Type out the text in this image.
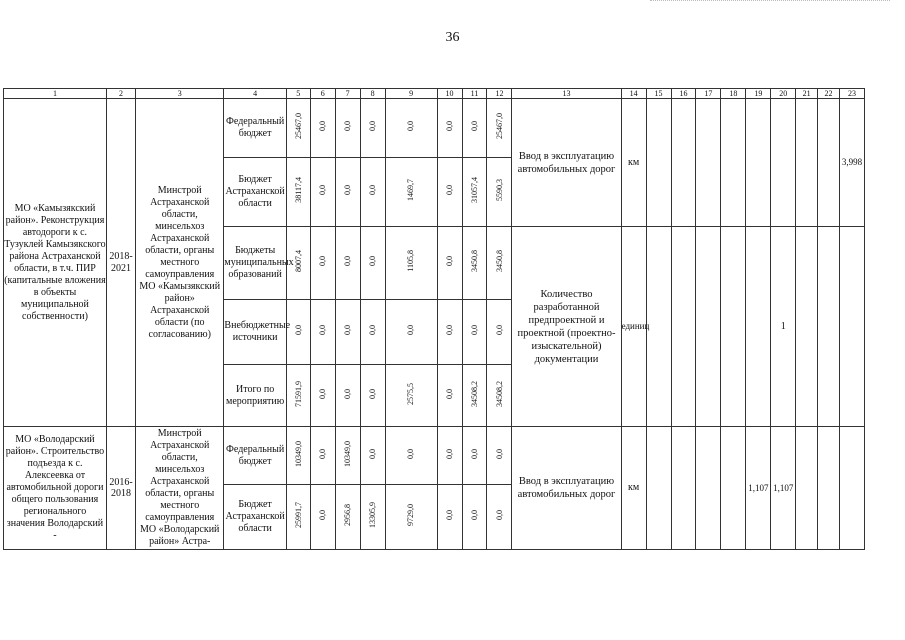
36
1	2	3	4	5	6	7	8	9	10	11	12	13	14	15	16	17	18	19	20	21	22	23
МО «Камызякский район». Реконструкция автодороги к с. Тузуклей Камызякского района Астраханской области, в т.ч. ПИР (капитальные вложения в объекты муниципальной собственности)	2018-2021	Минстрой Астраханской области, минсельхоз Астраханской области, органы местного самоуправления МО «Камызякский район» Астраханской области (по согласованию)	Федеральный бюджет	25467,0	0,0	0,0	0,0	0,0	0,0	0,0	25467,0	Ввод в эксплуатацию автомобильных дорог	км									3,998
			Бюджет Астраханской области	38117,4	0,0	0,0	0,0	1469,7	0,0	31057,4	5590,3											
			Бюджеты муниципальных образований	8007,4	0,0	0,0	0,0	1105,8	0,0	3450,8	3450,8	Количество разработанной предпроектной и проектной (проектно-изыскательной) документации	единиц						1			
			Внебюджетные источники	0,0	0,0	0,0	0,0	0,0	0,0	0,0	0,0											
			Итого по мероприятию	71591,9	0,0	0,0	0,0	2575,5	0,0	34508,2	34508,2											
МО «Володарский район». Строительство подъезда к с. Алексеевка от автомобильной дороги общего пользования регионального значения Володарский -	2016-2018	Минстрой Астраханской области, минсельхоз Астраханской области, органы местного самоуправления МО «Володарский район» Астра-	Федеральный бюджет	10349,0	0,0	10349,0	0,0	0,0	0,0	0,0	0,0	Ввод в эксплуатацию автомобильных дорог	км					1,107	1,107			
			Бюджет Астраханской области	25991,7	0,0	2956,8	13305,9	9729,0	0,0	0,0	0,0											
